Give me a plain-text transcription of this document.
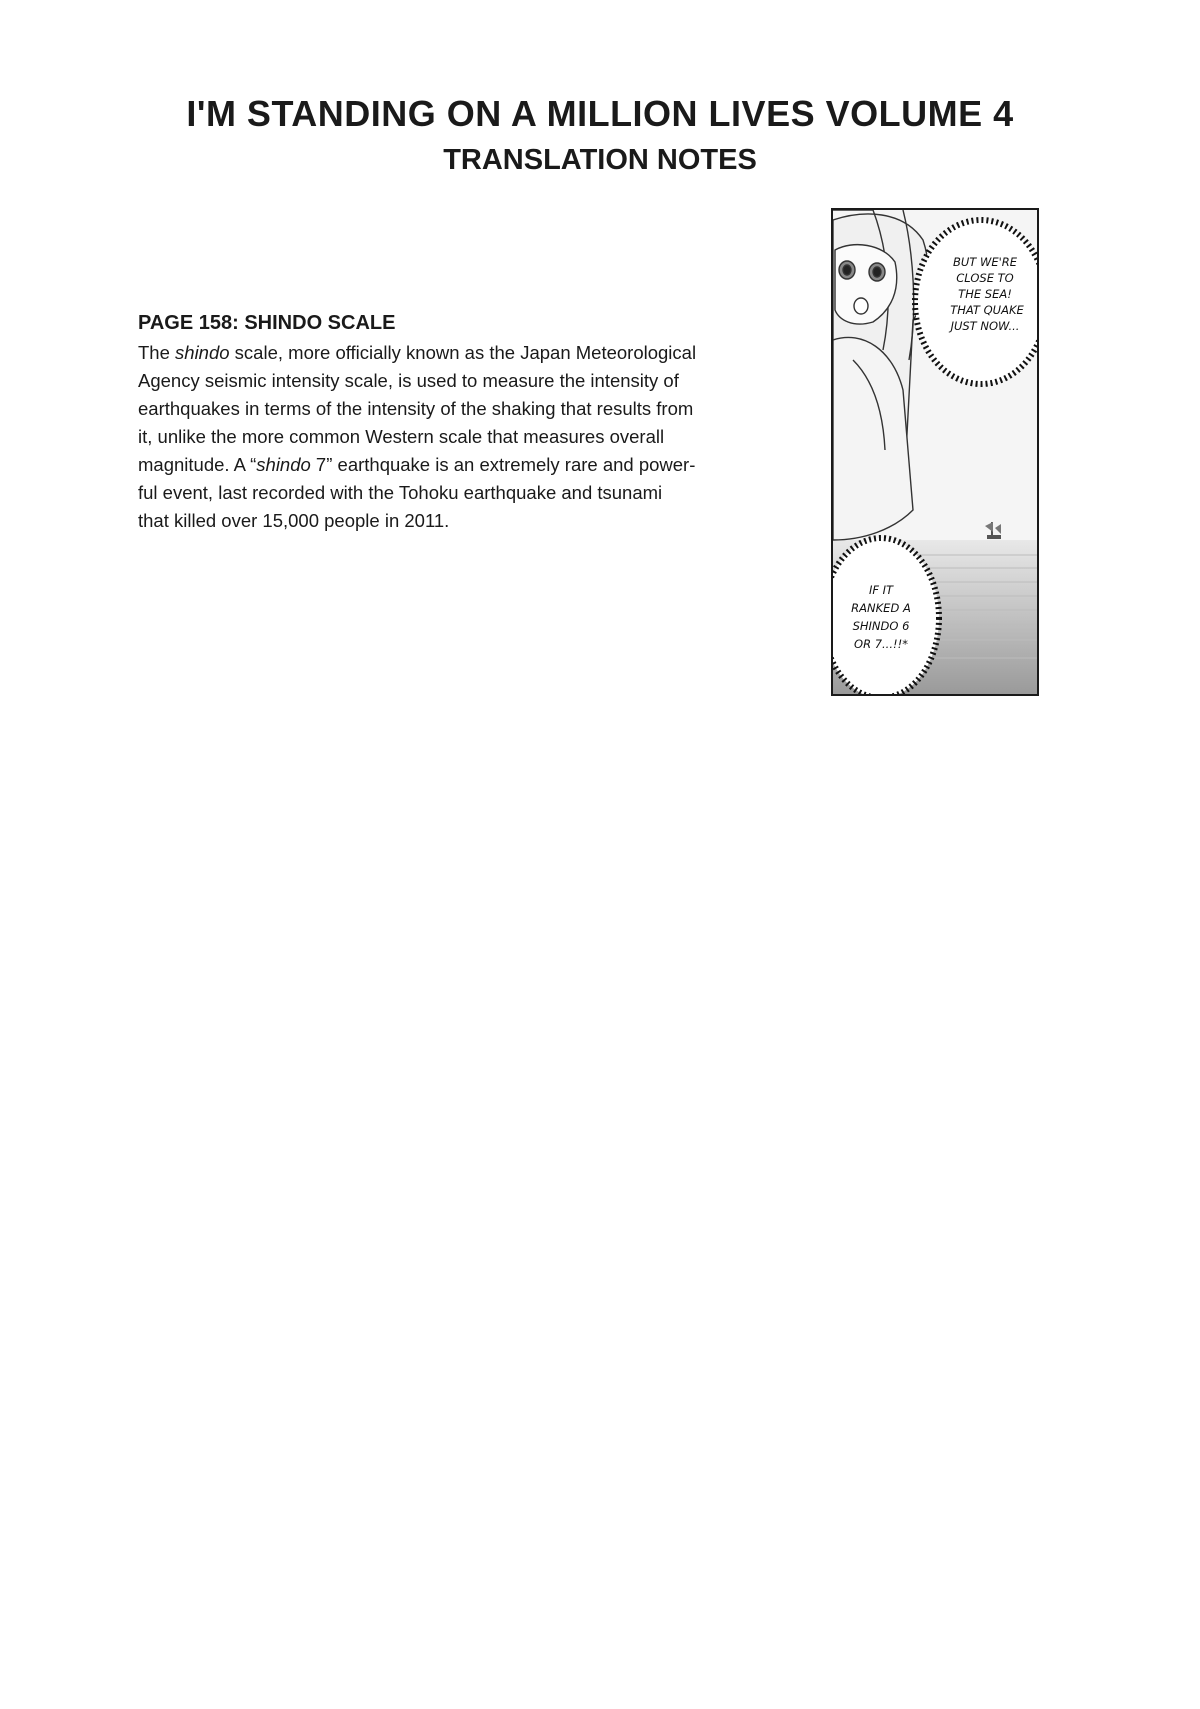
I'M STANDING ON A MILLION LIVES VOLUME 4
TRANSLATION NOTES

PAGE 158: SHINDO SCALE

The shindo scale, more officially known as the Japan Meteorological
Agency seismic intensity scale, is used to measure the intensity of
earthquakes in terms of the intensity of the shaking that results from
it, unlike the more common Western scale that measures overall
magnitude. A “shindo 7” earthquake is an extremely rare and power-
ful event, last recorded with the Tohoku earthquake and tsunami
that killed over 15,000 people in 2011.

BUT WE'RE
CLOSE TO
THE SEA!
THAT QUAKE
JUST NOW...
IF IT
RANKED A
SHINDO 6
OR 7...!!*
